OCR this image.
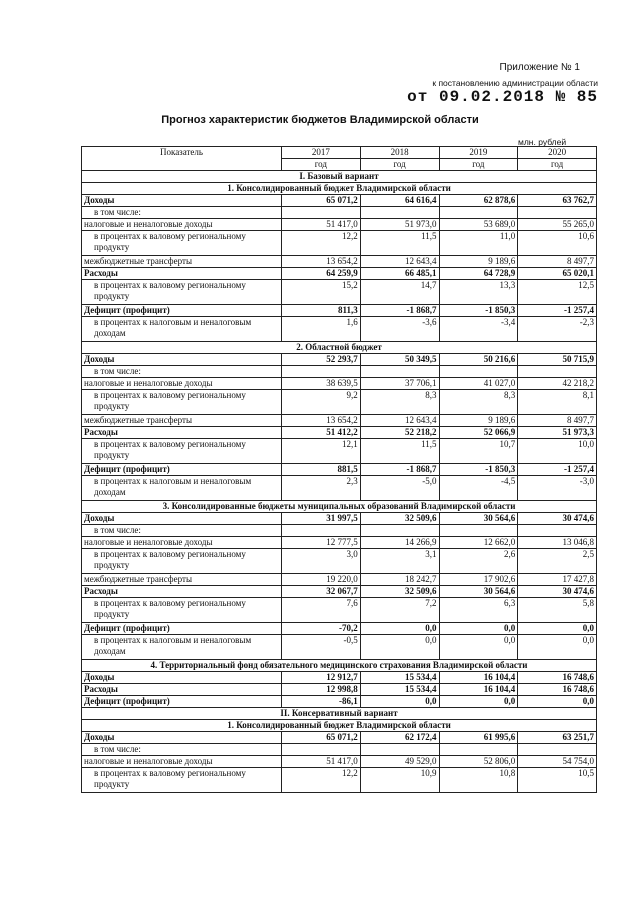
Приложение № 1
к постановлению администрации области
от 09.02.2018 № 85
Прогноз характеристик бюджетов Владимирской области
млн. рублей
Показатель	2017	2018	2019	2020
	год	год	год	год
I. Базовый вариант				
1. Консолидированный бюджет Владимирской области				
Доходы	65 071,2	64 616,4	62 878,6	63 762,7
в том числе:				
налоговые и неналоговые доходы	51 417,0	51 973,0	53 689,0	55 265,0
в процентах к валовому региональному продукту	12,2	11,5	11,0	10,6
межбюджетные трансферты	13 654,2	12 643,4	9 189,6	8 497,7
Расходы	64 259,9	66 485,1	64 728,9	65 020,1
в процентах к валовому региональному продукту	15,2	14,7	13,3	12,5
Дефицит (профицит)	811,3	-1 868,7	-1 850,3	-1 257,4
в процентах к налоговым и неналоговым доходам	1,6	-3,6	-3,4	-2,3
2. Областной бюджет				
Доходы	52 293,7	50 349,5	50 216,6	50 715,9
в том числе:				
налоговые и неналоговые доходы	38 639,5	37 706,1	41 027,0	42 218,2
в процентах к валовому региональному продукту	9,2	8,3	8,3	8,1
межбюджетные трансферты	13 654,2	12 643,4	9 189,6	8 497,7
Расходы	51 412,2	52 218,2	52 066,9	51 973,3
в процентах к валовому региональному продукту	12,1	11,5	10,7	10,0
Дефицит (профицит)	881,5	-1 868,7	-1 850,3	-1 257,4
в процентах к налоговым и неналоговым доходам	2,3	-5,0	-4,5	-3,0
3. Консолидированные бюджеты муниципальных образований Владимирской области				
Доходы	31 997,5	32 509,6	30 564,6	30 474,6
в том числе:				
налоговые и неналоговые доходы	12 777,5	14 266,9	12 662,0	13 046,8
в процентах к валовому региональному продукту	3,0	3,1	2,6	2,5
межбюджетные трансферты	19 220,0	18 242,7	17 902,6	17 427,8
Расходы	32 067,7	32 509,6	30 564,6	30 474,6
в процентах к валовому региональному продукту	7,6	7,2	6,3	5,8
Дефицит (профицит)	-70,2	0,0	0,0	0,0
в процентах к налоговым и неналоговым доходам	-0,5	0,0	0,0	0,0
4. Территориальный фонд обязательного медицинского страхования Владимирской области				
Доходы	12 912,7	15 534,4	16 104,4	16 748,6
Расходы	12 998,8	15 534,4	16 104,4	16 748,6
Дефицит (профицит)	-86,1	0,0	0,0	0,0
II. Консервативный вариант				
1. Консолидированный бюджет Владимирской области				
Доходы	65 071,2	62 172,4	61 995,6	63 251,7
в том числе:				
налоговые и неналоговые доходы	51 417,0	49 529,0	52 806,0	54 754,0
в процентах к валовому региональному продукту	12,2	10,9	10,8	10,5
